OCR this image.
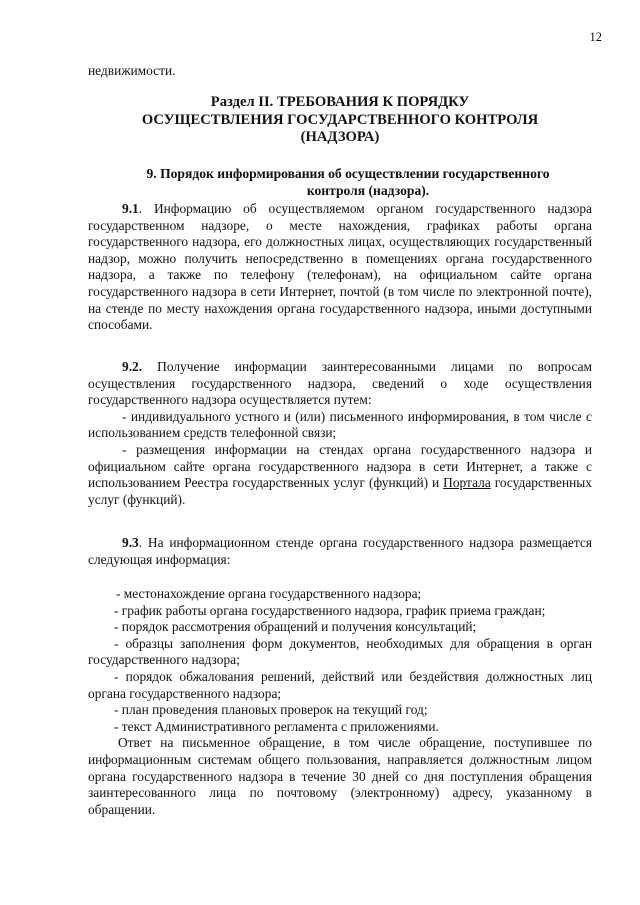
12
недвижимости.

Раздел II. ТРЕБОВАНИЯ К ПОРЯДКУ

ОСУЩЕСТВЛЕНИЯ ГОСУДАРСТВЕННОГО КОНТРОЛЯ

(НАДЗОРА)

9. Порядок информирования об осуществлении государственного

контроля (надзора).

9.1. Информацию об осуществляемом органом государственного надзора государственном надзоре, о месте нахождения, графиках работы органа государственного надзора, его должностных лицах, осуществляющих государственный надзор, можно получить непосредственно в помещениях органа государственного надзора, а также по телефону (телефонам), на официальном сайте органа государственного надзора в сети Интернет, почтой (в том числе по электронной почте), на стенде по месту нахождения органа государственного надзора, иными доступными способами.

9.2. Получение информации заинтересованными лицами по вопросам осуществления государственного надзора, сведений о ходе осуществления государственного надзора осуществляется путем:

- индивидуального устного и (или) письменного информирования, в том числе с использованием средств телефонной связи;

- размещения информации на стендах органа государственного надзора и официальном сайте органа государственного надзора в сети Интернет, а также с использованием Реестра государственных услуг (функций) и Портала государственных услуг (функций).

9.3. На информационном стенде органа государственного надзора размещается следующая информация:

- местонахождение органа государственного надзора;

- график работы органа государственного надзора, график приема граждан;

- порядок рассмотрения обращений и получения консультаций;

- образцы заполнения форм документов, необходимых для обращения в орган государственного надзора;

- порядок обжалования решений, действий или бездействия должностных лиц органа государственного надзора;

- план проведения плановых проверок на текущий год;

- текст Административного регламента с приложениями.

Ответ на письменное обращение, в том числе обращение, поступившее по информационным системам общего пользования, направляется должностным лицом органа государственного надзора в течение 30 дней со дня поступления обращения заинтересованного лица по почтовому (электронному) адресу, указанному в обращении.
